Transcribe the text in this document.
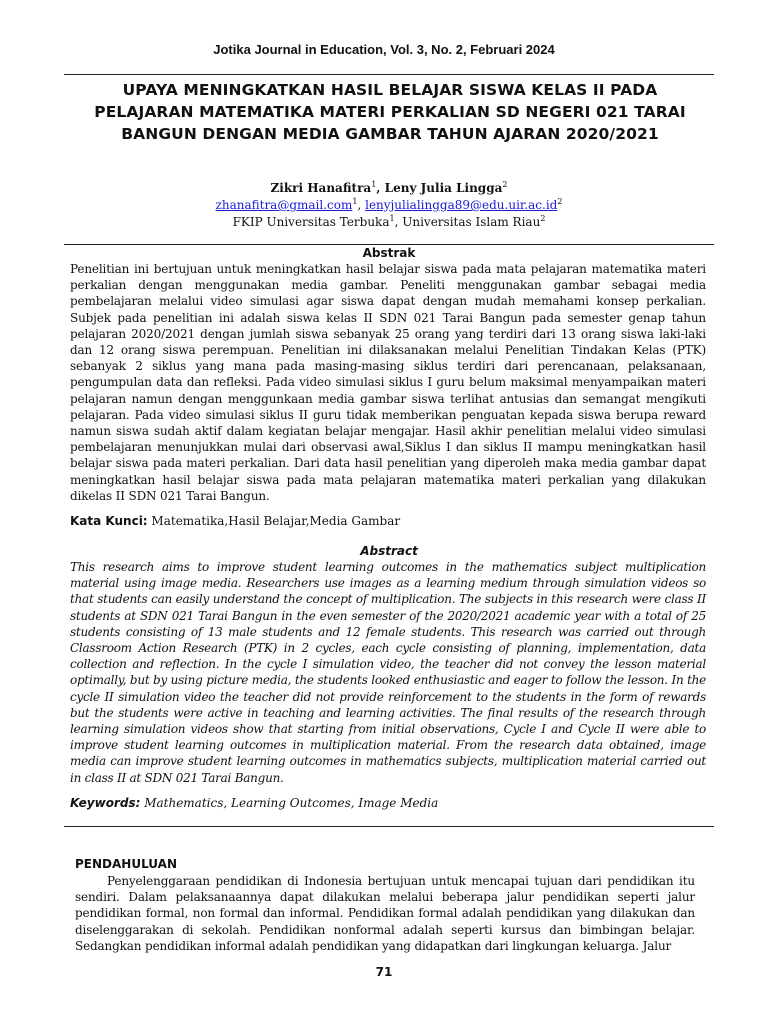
Jotika Journal in Education, Vol. 3, No. 2, Februari 2024
UPAYA MENINGKATKAN HASIL BELAJAR SISWA KELAS II PADA PELAJARAN MATEMATIKA MATERI PERKALIAN SD NEGERI 021 TARAI BANGUN DENGAN MEDIA GAMBAR TAHUN AJARAN 2020/2021
Zikri Hanafitra$^1$, Leny Julia Lingga$^2$
zhanafitra@gmail.com$^1$, $lenyjulialingga89@edu.uir.ac.id^2$
FKIP Universitas Terbuka$^1$, Universitas Islam Riau$^2$
Abstrak
Penelitian ini bertujuan untuk meningkatkan hasil belajar siswa pada mata pelajaran matematika materi perkalian dengan menggunakan media gambar. Peneliti menggunakan gambar sebagai media pembelajaran melalui video simulasi agar siswa dapat dengan mudah memahami konsep perkalian. Subjek pada penelitian ini adalah siswa kelas II SDN 021 Tarai Bangun pada semester genap tahun pelajaran 2020/2021 dengan jumlah siswa sebanyak 25 orang yang terdiri dari 13 orang siswa laki-laki dan 12 orang siswa perempuan. Penelitian ini dilaksanakan melalui Penelitian Tindakan Kelas (PTK) sebanyak 2 siklus yang mana pada masing-masing siklus terdiri dari perencanaan, pelaksanaan, pengumpulan data dan refleksi. Pada video simulasi siklus I guru belum maksimal menyampaikan materi pelajaran namun dengan menggunkaan media gambar siswa terlihat antusias dan semangat mengikuti pelajaran. Pada video simulasi siklus II guru tidak memberikan penguatan kepada siswa berupa reward namun siswa sudah aktif dalam kegiatan belajar mengajar. Hasil akhir penelitian melalui video simulasi pembelajaran menunjukkan mulai dari observasi awal,Siklus I dan siklus II mampu meningkatkan hasil belajar siswa pada materi perkalian. Dari data hasil penelitian yang diperoleh maka media gambar dapat meningkatkan hasil belajar siswa pada mata pelajaran matematika materi perkalian yang dilakukan dikelas II SDN 021 Tarai Bangun.
Kata Kunci: Matematika,Hasil Belajar,Media Gambar
Abstract
This research aims to improve student learning outcomes in the mathematics subject multiplication material using image media. Researchers use images as a learning medium through simulation videos so that students can easily understand the concept of multiplication. The subjects in this research were class II students at SDN 021 Tarai Bangun in the even semester of the 2020/2021 academic year with a total of 25 students consisting of 13 male students and 12 female students. This research was carried out through Classroom Action Research (PTK) in 2 cycles, each cycle consisting of planning, implementation, data collection and reflection. In the cycle I simulation video, the teacher did not convey the lesson material optimally, but by using picture media, the students looked enthusiastic and eager to follow the lesson. In the cycle II simulation video the teacher did not provide reinforcement to the students in the form of rewards but the students were active in teaching and learning activities. The final results of the research through learning simulation videos show that starting from initial observations, Cycle I and Cycle II were able to improve student learning outcomes in multiplication material. From the research data obtained, image media can improve student learning outcomes in mathematics subjects, multiplication material carried out in class II at SDN 021 Tarai Bangun.
Keywords: Mathematics, Learning Outcomes, Image Media
PENDAHULUAN
Penyelenggaraan pendidikan di Indonesia bertujuan untuk mencapai tujuan dari pendidikan itu sendiri. Dalam pelaksanaannya dapat dilakukan melalui beberapa jalur pendidikan seperti jalur pendidikan formal, non formal dan informal. Pendidikan formal adalah pendidikan yang dilakukan dan diselenggarakan di sekolah. Pendidikan nonformal adalah seperti kursus dan bimbingan belajar. Sedangkan pendidikan informal adalah pendidikan yang didapatkan dari lingkungan keluarga. Jalur
71
